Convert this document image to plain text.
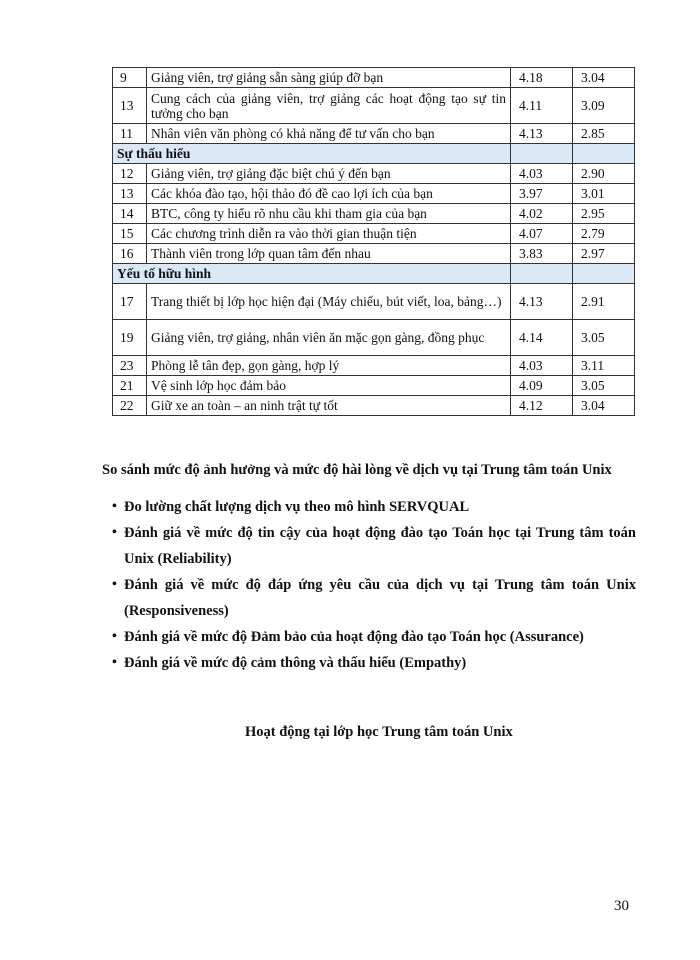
9	Giảng viên, trợ giảng sẵn sàng giúp đỡ bạn	4.18	3.04
13	Cung cách của giảng viên, trợ giảng các hoạt động tạo sự tin tưởng cho bạn	4.11	3.09
11	Nhân viên văn phòng có khả năng để tư vấn cho bạn	4.13	2.85
Sự thấu hiểu			
12	Giảng viên, trợ giảng đặc biệt chú ý đến bạn	4.03	2.90
13	Các khóa đào tạo, hội thảo đó đề cao lợi ích của bạn	3.97	3.01
14	BTC, công ty hiểu rõ nhu cầu khi tham gia của bạn	4.02	2.95
15	Các chương trình diễn ra vào thời gian thuận tiện	4.07	2.79
16	Thành viên trong lớp quan tâm đến nhau	3.83	2.97
Yếu tố hữu hình			
17	Trang thiết bị lớp học hiện đại (Máy chiếu, bút viết, loa, bảng…)	4.13	2.91
19	Giảng viên, trợ giảng, nhân viên ăn mặc gọn gàng, đồng phục	4.14	3.05
23	Phòng lễ tân đẹp, gọn gàng, hợp lý	4.03	3.11
21	Vệ sinh lớp học đảm bảo	4.09	3.05
22	Giữ xe an toàn – an ninh trật tự tốt	4.12	3.04
So sánh mức độ ảnh hưởng và mức độ hài lòng về dịch vụ tại Trung tâm toán Unix
• Đo lường chất lượng dịch vụ theo mô hình SERVQUAL
• Đánh giá về mức độ tin cậy của hoạt động đào tạo Toán học tại Trung tâm toán Unix (Reliability)
• Đánh giá về mức độ đáp ứng yêu cầu của dịch vụ tại Trung tâm toán Unix (Responsiveness)
• Đánh giá về mức độ Đảm bảo của hoạt động đào tạo Toán học (Assurance)
• Đánh giá về mức độ cảm thông và thấu hiểu (Empathy)
Hoạt động tại lớp học Trung tâm toán Unix
30
